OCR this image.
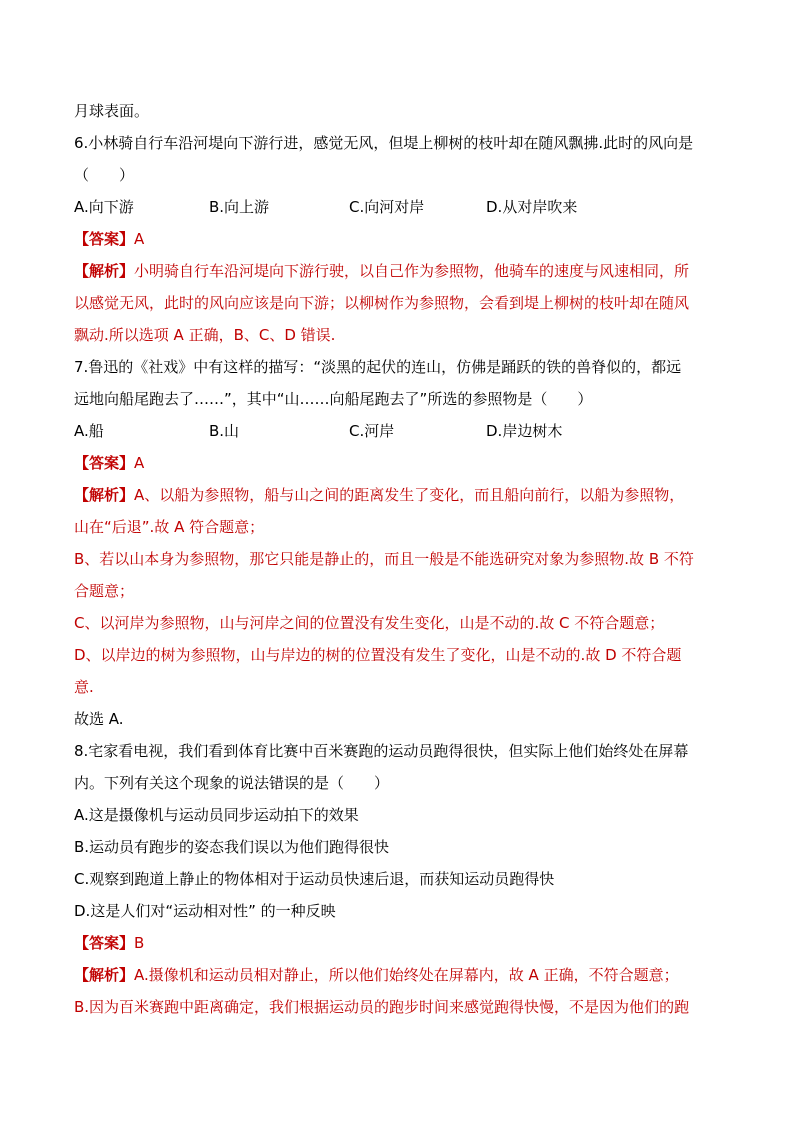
月球表面。
6.小林骑自行车沿河堤向下游行进，感觉无风，但堤上柳树的枝叶却在随风飘拂.此时的风向是
（　　）
A.向下游	B.向上游	C.向河对岸	D.从对岸吹来
【答案】A
【解析】小明骑自行车沿河堤向下游行驶，以自己作为参照物，他骑车的速度与风速相同，所
以感觉无风，此时的风向应该是向下游；以柳树作为参照物，会看到堤上柳树的枝叶却在随风
飘动.所以选项 A 正确，B、C、D 错误.
7.鲁迅的《社戏》中有这样的描写：“淡黑的起伏的连山，仿佛是踊跃的铁的兽脊似的，都远
远地向船尾跑去了……”，其中“山……向船尾跑去了”所选的参照物是（　　）
A.船	B.山	C.河岸	D.岸边树木
【答案】A
【解析】A、以船为参照物，船与山之间的距离发生了变化，而且船向前行，以船为参照物，
山在“后退”.故 A 符合题意；
B、若以山本身为参照物，那它只能是静止的，而且一般是不能选研究对象为参照物.故 B 不符
合题意；
C、以河岸为参照物，山与河岸之间的位置没有发生变化，山是不动的.故 C 不符合题意；
D、以岸边的树为参照物，山与岸边的树的位置没有发生了变化，山是不动的.故 D 不符合题
意.
故选 A.
8.宅家看电视，我们看到体育比赛中百米赛跑的运动员跑得很快，但实际上他们始终处在屏幕
内。下列有关这个现象的说法错误的是（　　）
A.这是摄像机与运动员同步运动拍下的效果
B.运动员有跑步的姿态我们误以为他们跑得很快
C.观察到跑道上静止的物体相对于运动员快速后退，而获知运动员跑得快
D.这是人们对“运动相对性” 的一种反映
【答案】B
【解析】A.摄像机和运动员相对静止，所以他们始终处在屏幕内，故 A 正确，不符合题意；
B.因为百米赛跑中距离确定，我们根据运动员的跑步时间来感觉跑得快慢，不是因为他们的跑
